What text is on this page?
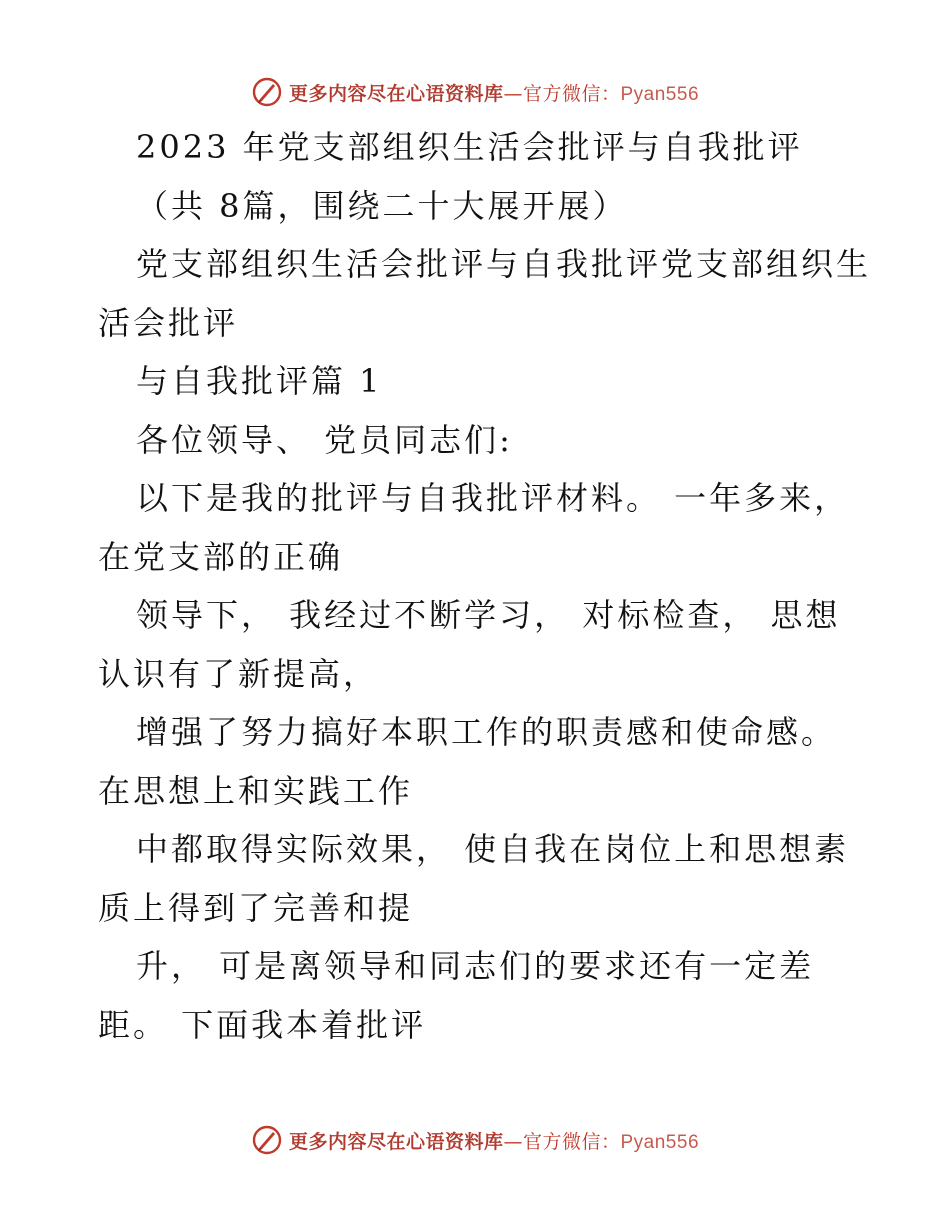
更多内容尽在心语资料库—官方微信：Pyan556
2023 年党支部组织生活会批评与自我批评
（共 8篇，围绕二十大展开展）
党支部组织生活会批评与自我批评党支部组织生
活会批评
与自我批评篇 1
各位领导、 党员同志们:
以下是我的批评与自我批评材料。 一年多来，
在党支部的正确
领导下， 我经过不断学习， 对标检查， 思想
认识有了新提高，
增强了努力搞好本职工作的职责感和使命感。
在思想上和实践工作
中都取得实际效果， 使自我在岗位上和思想素
质上得到了完善和提
升， 可是离领导和同志们的要求还有一定差
距。 下面我本着批评
更多内容尽在心语资料库—官方微信：Pyan556
